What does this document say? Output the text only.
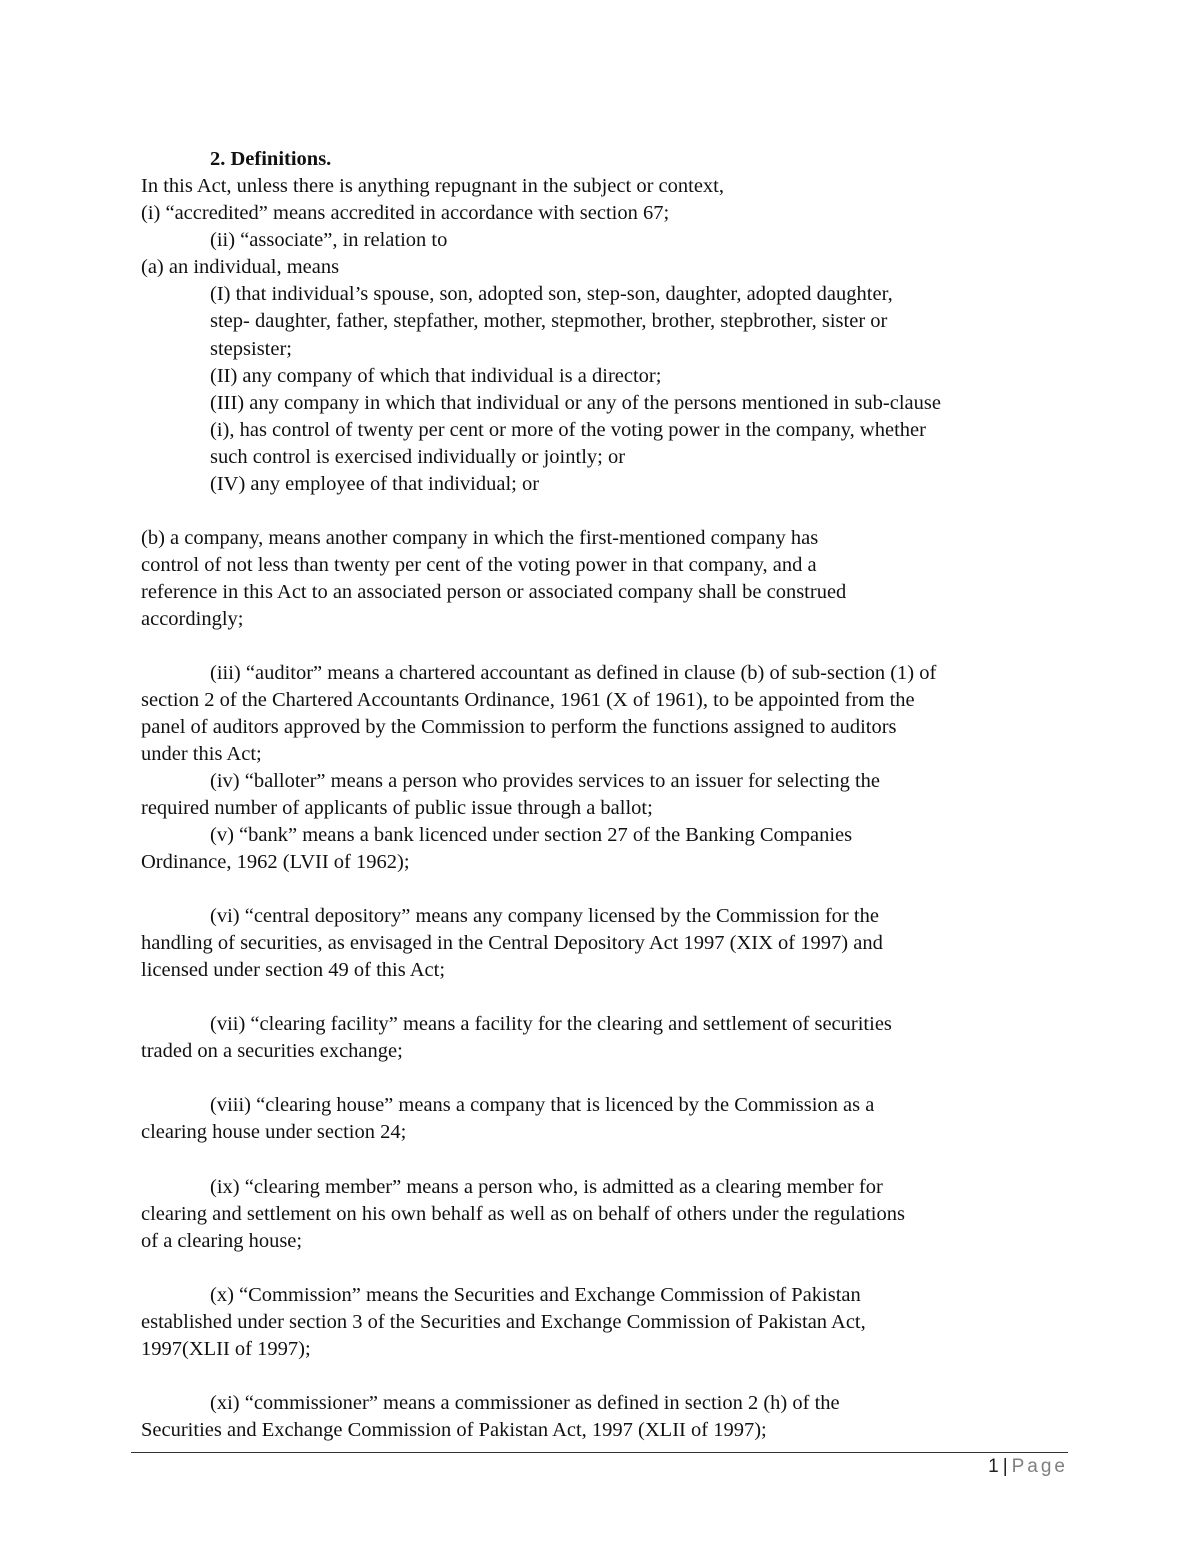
2. Definitions.

In this Act, unless there is anything repugnant in the subject or context,

(i) “accredited” means accredited in accordance with section 67;

(ii) “associate”, in relation to

(a) an individual, means

(I) that individual’s spouse, son, adopted son, step-son, daughter, adopted daughter,

step- daughter, father, stepfather, mother, stepmother, brother, stepbrother, sister or

stepsister;

(II) any company of which that individual is a director;

(III) any company in which that individual or any of the persons mentioned in sub-clause

(i), has control of twenty per cent or more of the voting power in the company, whether

such control is exercised individually or jointly; or

(IV) any employee of that individual; or

(b) a company, means another company in which the first-mentioned company has

control of not less than twenty per cent of the voting power in that company, and a

reference in this Act to an associated person or associated company shall be construed

accordingly;

(iii) “auditor” means a chartered accountant as defined in clause (b) of sub-section (1) of

section 2 of the Chartered Accountants Ordinance, 1961 (X of 1961), to be appointed from the

panel of auditors approved by the Commission to perform the functions assigned to auditors

under this Act;

(iv) “balloter” means a person who provides services to an issuer for selecting the

required number of applicants of public issue through a ballot;

(v) “bank” means a bank licenced under section 27 of the Banking Companies

Ordinance, 1962 (LVII of 1962);

(vi) “central depository” means any company licensed by the Commission for the

handling of securities, as envisaged in the Central Depository Act 1997 (XIX of 1997) and

licensed under section 49 of this Act;

(vii) “clearing facility” means a facility for the clearing and settlement of securities

traded on a securities exchange;

(viii) “clearing house” means a company that is licenced by the Commission as a

clearing house under section 24;

(ix) “clearing member” means a person who, is admitted as a clearing member for

clearing and settlement on his own behalf as well as on behalf of others under the regulations

of a clearing house;

(x) “Commission” means the Securities and Exchange Commission of Pakistan

established under section 3 of the Securities and Exchange Commission of Pakistan Act,

1997(XLII of 1997);

(xi) “commissioner” means a commissioner as defined in section 2 (h) of the

Securities and Exchange Commission of Pakistan Act, 1997 (XLII of 1997);

1 | Page
